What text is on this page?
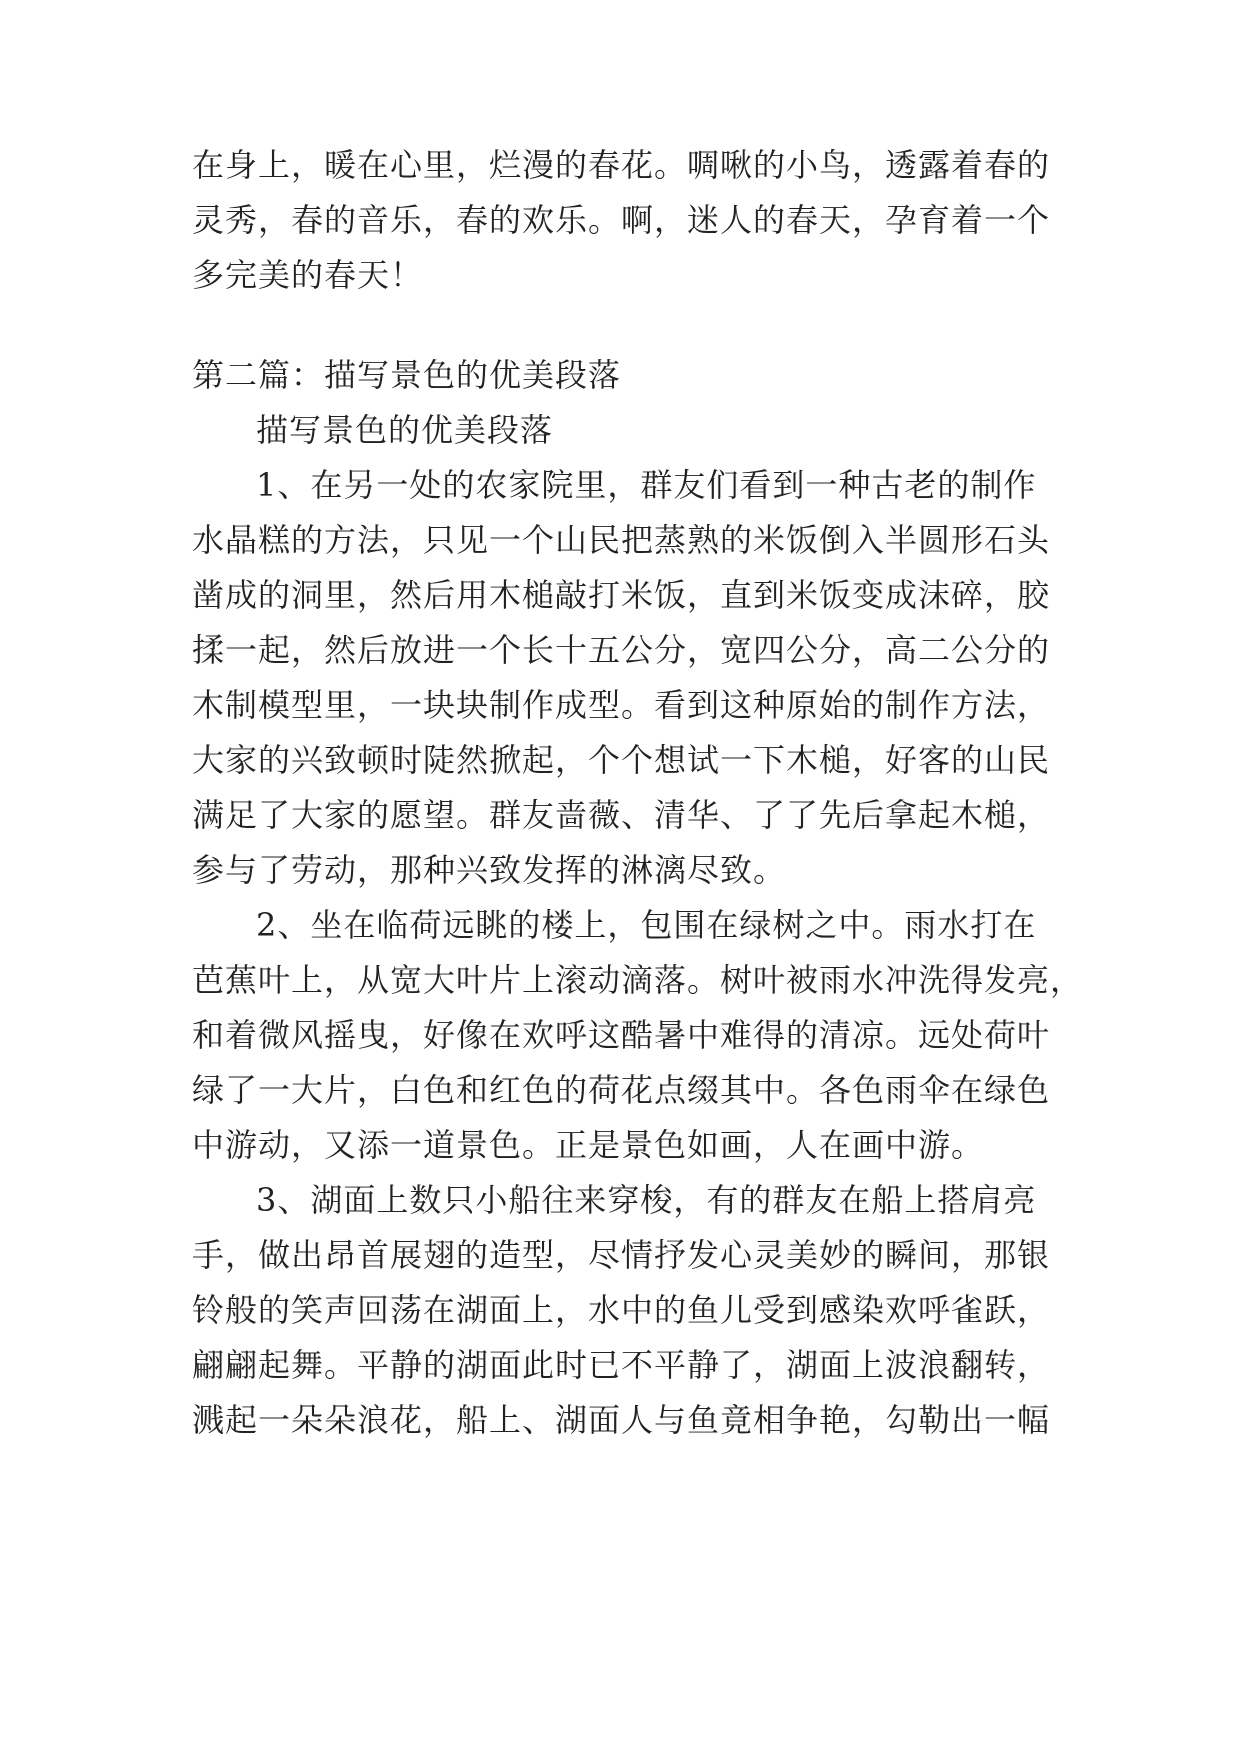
在身上，暖在心里，烂漫的春花。啁啾的小鸟，透露着春的
灵秀，春的音乐，春的欢乐。啊，迷人的春天，孕育着一个
多完美的春天！
第二篇：描写景色的优美段落
描写景色的优美段落
1、在另一处的农家院里，群友们看到一种古老的制作
水晶糕的方法，只见一个山民把蒸熟的米饭倒入半圆形石头
凿成的洞里，然后用木槌敲打米饭，直到米饭变成沫碎，胶
揉一起，然后放进一个长十五公分，宽四公分，高二公分的
木制模型里，一块块制作成型。看到这种原始的制作方法，
大家的兴致顿时陡然掀起，个个想试一下木槌，好客的山民
满足了大家的愿望。群友啬薇、清华、了了先后拿起木槌，
参与了劳动，那种兴致发挥的淋漓尽致。
2、坐在临荷远眺的楼上，包围在绿树之中。雨水打在
芭蕉叶上，从宽大叶片上滚动滴落。树叶被雨水冲洗得发亮，
和着微风摇曳，好像在欢呼这酷暑中难得的清凉。远处荷叶
绿了一大片，白色和红色的荷花点缀其中。各色雨伞在绿色
中游动，又添一道景色。正是景色如画，人在画中游。
3、湖面上数只小船往来穿梭，有的群友在船上搭肩亮
手，做出昂首展翅的造型，尽情抒发心灵美妙的瞬间，那银
铃般的笑声回荡在湖面上，水中的鱼儿受到感染欢呼雀跃，
翩翩起舞。平静的湖面此时已不平静了，湖面上波浪翻转，
溅起一朵朵浪花，船上、湖面人与鱼竟相争艳，勾勒出一幅
